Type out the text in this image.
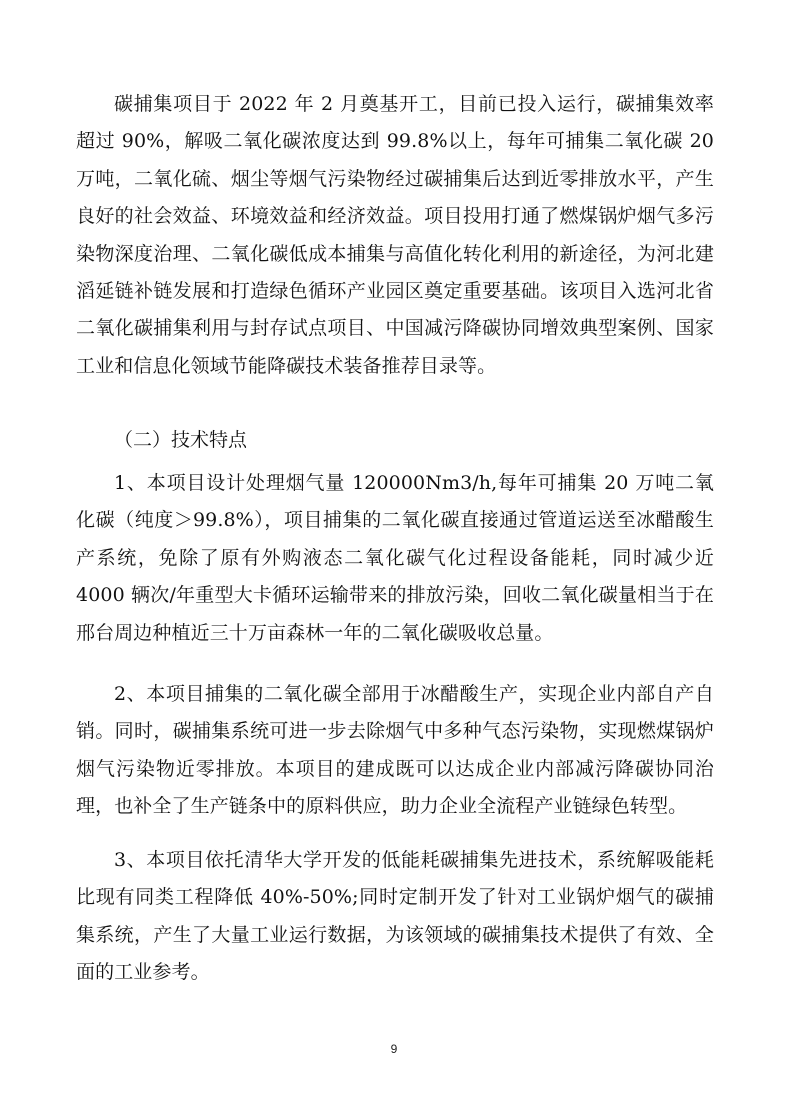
碳捕集项目于 2022 年 2 月奠基开工，目前已投入运行，碳捕集效率超过 90%，解吸二氧化碳浓度达到 99.8%以上，每年可捕集二氧化碳 20 万吨，二氧化硫、烟尘等烟气污染物经过碳捕集后达到近零排放水平，产生良好的社会效益、环境效益和经济效益。项目投用打通了燃煤锅炉烟气多污染物深度治理、二氧化碳低成本捕集与高值化转化利用的新途径，为河北建滔延链补链发展和打造绿色循环产业园区奠定重要基础。该项目入选河北省二氧化碳捕集利用与封存试点项目、中国减污降碳协同增效典型案例、国家工业和信息化领域节能降碳技术装备推荐目录等。

（二）技术特点

1、本项目设计处理烟气量 120000Nm3/h,每年可捕集 20 万吨二氧化碳（纯度＞99.8%），项目捕集的二氧化碳直接通过管道运送至冰醋酸生产系统，免除了原有外购液态二氧化碳气化过程设备能耗，同时减少近 4000 辆次/年重型大卡循环运输带来的排放污染，回收二氧化碳量相当于在邢台周边种植近三十万亩森林一年的二氧化碳吸收总量。

2、本项目捕集的二氧化碳全部用于冰醋酸生产，实现企业内部自产自销。同时，碳捕集系统可进一步去除烟气中多种气态污染物，实现燃煤锅炉烟气污染物近零排放。本项目的建成既可以达成企业内部减污降碳协同治理，也补全了生产链条中的原料供应，助力企业全流程产业链绿色转型。

3、本项目依托清华大学开发的低能耗碳捕集先进技术，系统解吸能耗比现有同类工程降低 40%-50%;同时定制开发了针对工业锅炉烟气的碳捕集系统，产生了大量工业运行数据，为该领域的碳捕集技术提供了有效、全面的工业参考。

9
